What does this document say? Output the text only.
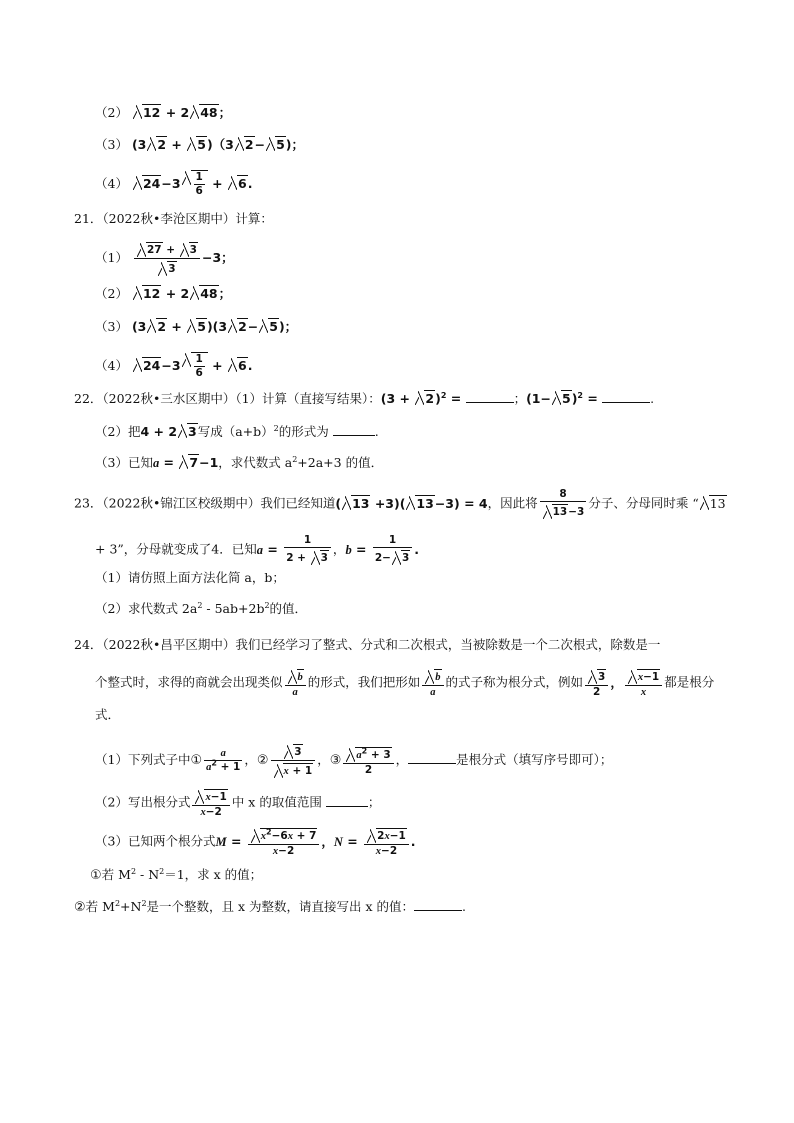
（2） 12 + 2 48；
（3） (3 2 + 5)（3 2− 5)；
（4） $24-3 \frac{1}{6} + 6$.
21．（2022秋•李沧区期中）计算：
$(1) \frac{27 + 3}{3} -3$；
（2） 12 + 2 48；
（3） (3 2 + 5)(3 2− 5)；
（4） $24-3 \frac{1}{6} + 6$.
22．（2022秋•三水区期中）（1）计算（直接写结果）：$(3 + 2)^2$ =	；$(1- 5)^2$ =	.
（2）把4 + 2 3写成$(a+b)^2$的形式为	.
（3）已知a = 7−1，求代数式 $a^2+2a+3$ 的值．
23．（2022秋•锦江区校级期中）我们已经知道( 13 +3)( 13−3) = 4，因此将 $\frac{8}{13-3}$ 分子、分母同时乘 “ 13
+ 3”，分母就变成了4．已知$a = \frac{1}{2 + 3}$ ，$b = \frac{1}{2- 3}$ .
（1）请仿照上面方法化简 a，b；
（2）求代数式 $2a^2 - 5ab+2b^2$的值．
24．（2022秋•昌平区期中）我们已经学习了整式、分式和二次根式，当被除数是一个二次根式，除数是一
个整式时，求得的商就会出现类似 $\frac{b}{a}$ 的形式，我们把形如 $\frac{b}{a}$ 的式子称为根分式，例如 $\frac{3}{2}$ ， $\frac{x-1}{x}$ 都是根分
式．
（1）下列式子中① $\frac{a}{a^2 + 1}$ ，② $\frac{3}{x + 1}$ ，③ $\frac{a^2 + 3}{2}$ ，	是根分式（填写序号即可）；
（2）写出根分式 $\frac{x-1}{x-2}$ 中 x 的取值范围	；
（3）已知两个根分式$M = \frac{x^2-6x + 7}{x-2}$ ，$N = \frac{2x-1}{x-2}$ .
①若 $M^2 - N^2=1$，求 x 的值；
②若 $M^2+N^2$是一个整数，且 x 为整数，请直接写出 x 的值：	.
